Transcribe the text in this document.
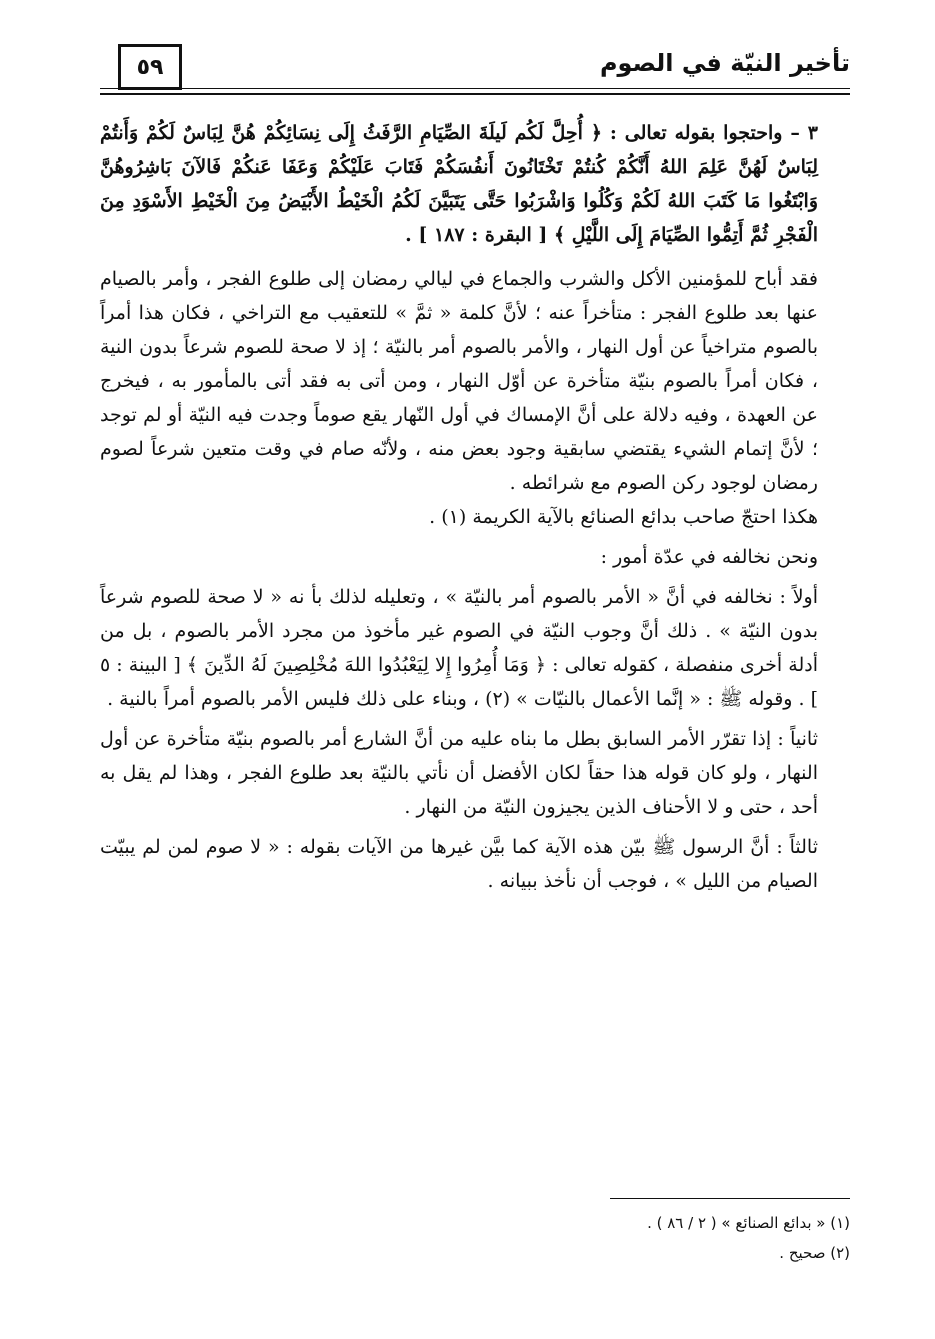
٥٩	تأخير النيّة في الصوم

٣ – واحتجوا بقوله تعالى : ﴿ أُحِلَّ لَكُم لَيلَةَ الصِّيَامِ الرَّفَثُ إِلَى نِسَائِكُمْ هُنَّ لِبَاسٌ لَكُمْ وَأَنتُمْ لِبَاسٌ لَهُنَّ عَلِمَ اللهُ أَنَّكُمْ كُنتُمْ تَخْتَانُونَ أَنفُسَكُمْ فَتَابَ عَلَيْكُمْ وَعَفَا عَنكُمْ فَالآنَ بَاشِرُوهُنَّ وَابْتَغُوا مَا كَتَبَ اللهُ لَكُمْ وَكُلُوا وَاشْرَبُوا حَتَّى يَتَبَيَّنَ لَكُمُ الْخَيْطُ الأَبْيَضُ مِنَ الْخَيْطِ الأَسْوَدِ مِنَ الْفَجْرِ ثُمَّ أَتِمُّوا الصِّيَامَ إِلَى اللَّيْلِ ﴾ [ البقرة : ١٨٧ ] .

فقد أباح للمؤمنين الأكل والشرب والجماع في ليالي رمضان إلى طلوع الفجر ، وأمر بالصيام عنها بعد طلوع الفجر : متأخراً عنه ؛ لأنَّ كلمة « ثمَّ » للتعقيب مع التراخي ، فكان هذا أمراً بالصوم متراخياً عن أول النهار ، والأمر بالصوم أمر بالنيّة ؛ إذ لا صحة للصوم شرعاً بدون النية ، فكان أمراً بالصوم بنيّة متأخرة عن أوّل النهار ، ومن أتى به فقد أتى بالمأمور به ، فيخرج عن العهدة ، وفيه دلالة على أنَّ الإمساك في أول النّهار يقع صوماً وجدت فيه النيّة أو لم توجد ؛ لأنَّ إتمام الشيء يقتضي سابقية وجود بعض منه ، ولأنّه صام في وقت متعين شرعاً لصوم رمضان لوجود ركن الصوم مع شرائطه .

هكذا احتجّ صاحب بدائع الصنائع بالآية الكريمة (١) .

ونحن نخالفه في عدّة أمور :

أولاً : نخالفه في أنَّ « الأمر بالصوم أمر بالنيّة » ، وتعليله لذلك بأ نه « لا صحة للصوم شرعاً بدون النيّة » . ذلك أنَّ وجوب النيّة في الصوم غير مأخوذ من مجرد الأمر بالصوم ، بل من أدلة أخرى منفصلة ، كقوله تعالى : ﴿ وَمَا أُمِرُوا إِلا لِيَعْبُدُوا اللهَ مُخْلِصِينَ لَهُ الدِّينَ ﴾ [ البينة : ٥ ] . وقوله ﷺ : « إنَّما الأعمال بالنيّات » (٢) ، وبناء على ذلك فليس الأمر بالصوم أمراً بالنية .

ثانياً : إذا تقرّر الأمر السابق بطل ما بناه عليه من أنَّ الشارع أمر بالصوم بنيّة متأخرة عن أول النهار ، ولو كان قوله هذا حقاً لكان الأفضل أن نأتي بالنيّة بعد طلوع الفجر ، وهذا لم يقل به أحد ، حتى و لا الأحناف الذين يجيزون النيّة من النهار .

ثالثاً : أنَّ الرسول ﷺ بيّن هذه الآية كما بيَّن غيرها من الآيات بقوله : « لا صوم لمن لم يبيّت الصيام من الليل » ، فوجب أن نأخذ ببيانه .

(١) « بدائع الصنائع » ( ٢ / ٨٦ ) .

(٢) صحيح .
